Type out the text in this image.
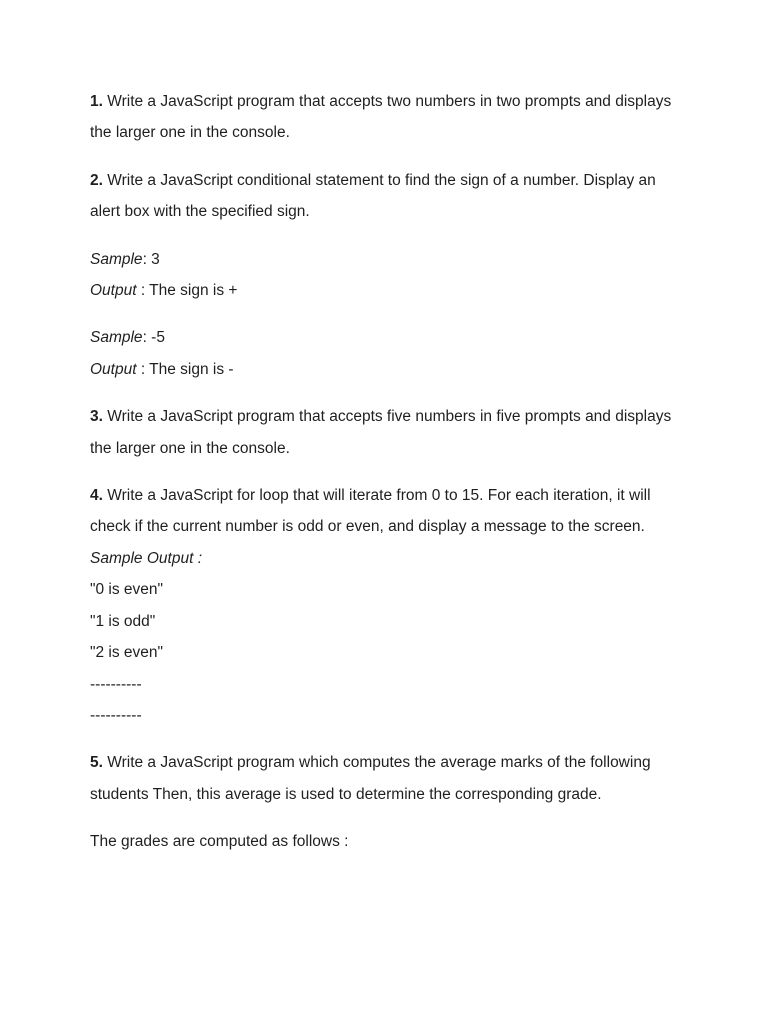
1. Write a JavaScript program that accepts two numbers in two prompts and displays the larger one in the console.

2. Write a JavaScript conditional statement to find the sign of a number. Display an alert box with the specified sign.

Sample: 3
Output : The sign is +

Sample: -5
Output : The sign is -

3. Write a JavaScript program that accepts five numbers in five prompts and displays the larger one in the console.

4. Write a JavaScript for loop that will iterate from 0 to 15. For each iteration, it will check if the current number is odd or even, and display a message to the screen.
Sample Output :
"0 is even"
"1 is odd"
"2 is even"
----------
----------

5. Write a JavaScript program which computes the average marks of the following students Then, this average is used to determine the corresponding grade.

The grades are computed as follows :
